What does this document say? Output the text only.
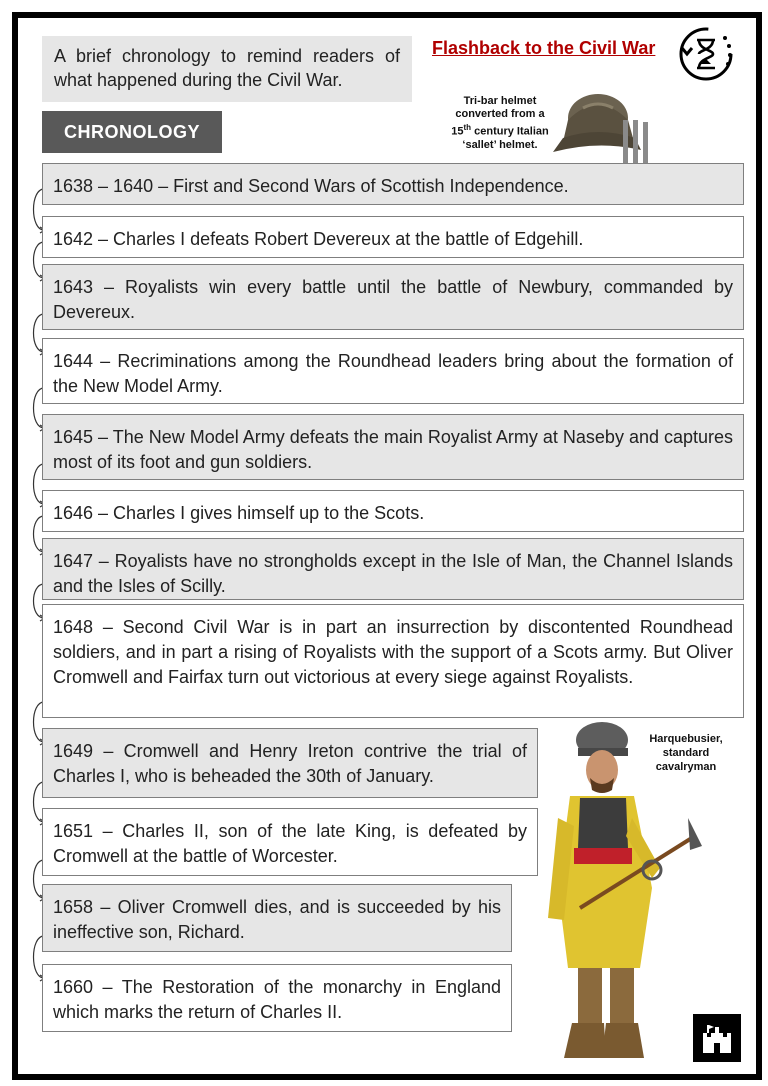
A brief chronology to remind readers of what happened during the Civil War.
CHRONOLOGY
Flashback to the Civil War
Tri-bar helmet converted from a
15th century Italian
‘sallet’ helmet.
1638 – 1640 – First and Second Wars of Scottish Independence.
1642 – Charles I defeats Robert Devereux at the battle of Edgehill.
1643 – Royalists win every battle until the battle of Newbury, commanded by Devereux.
1644 – Recriminations among the Roundhead leaders bring about the formation of the New Model Army.
1645 – The New Model Army defeats the main Royalist Army at Naseby and captures most of its foot and gun soldiers.
1646 – Charles I gives himself up to the Scots.
1647 – Royalists have no strongholds except in the Isle of Man, the Channel Islands and the Isles of Scilly.
1648 – Second Civil War is in part an insurrection by discontented Roundhead soldiers, and in part a rising of Royalists with the support of a Scots army. But Oliver Cromwell and Fairfax turn out victorious at every siege against Royalists.
1649 – Cromwell and Henry Ireton contrive the trial of Charles I, who is beheaded the 30th of January.
1651 – Charles II, son of the late King, is defeated by Cromwell at the battle of Worcester.
1658 – Oliver Cromwell dies, and is succeeded by his ineffective son, Richard.
1660 – The Restoration of the monarchy in England which marks the return of Charles II.
Harquebusier, standard cavalryman
